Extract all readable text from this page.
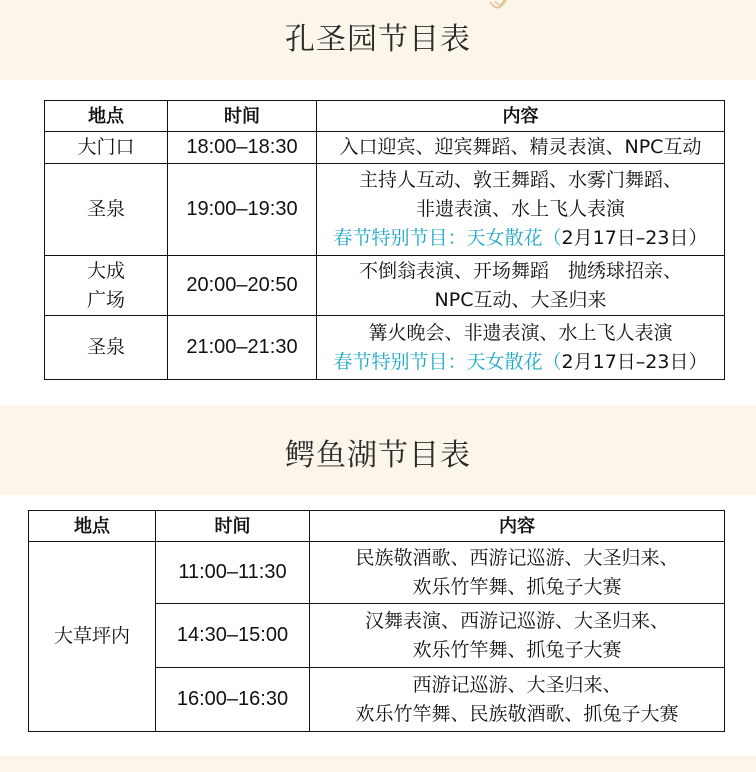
孔圣园节目表
地点	时间	内容
大门口	18:00–18:30	入口迎宾、迎宾舞蹈、精灵表演、NPC互动

圣泉	19:00–19:30	主持人互动、敦王舞蹈、水雾门舞蹈、
非遗表演、水上飞人表演
春节特别节目：天女散花（2月17日–23日）

大成
广场	20:00–20:50	不倒翁表演、开场舞蹈　抛绣球招亲、
NPC互动、大圣归来

圣泉	21:00–21:30	篝火晚会、非遗表演、水上飞人表演
春节特别节目：天女散花（2月17日–23日）
鳄鱼湖节目表
地点	时间	内容
大草坪内	11:00–11:30	民族敬酒歌、西游记巡游、大圣归来、
欢乐竹竿舞、抓兔子大赛

	14:30–15:00	汉舞表演、西游记巡游、大圣归来、
欢乐竹竿舞、抓兔子大赛

	16:00–16:30	西游记巡游、大圣归来、
欢乐竹竿舞、民族敬酒歌、抓兔子大赛
